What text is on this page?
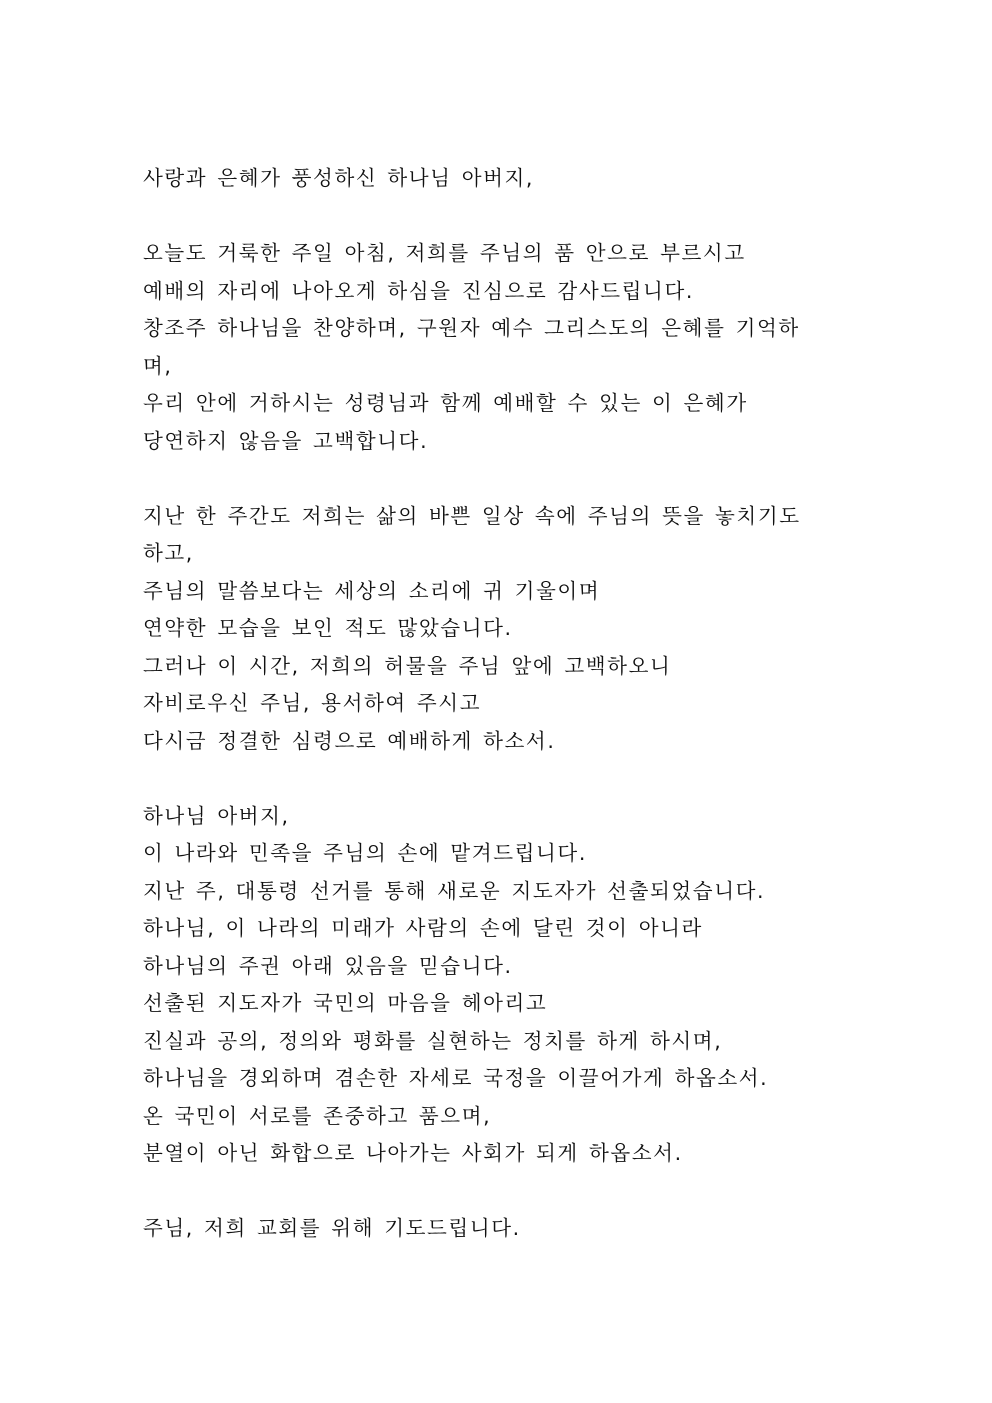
사랑과 은혜가 풍성하신 하나님 아버지,
오늘도 거룩한 주일 아침, 저희를 주님의 품 안으로 부르시고
예배의 자리에 나아오게 하심을 진심으로 감사드립니다.
창조주 하나님을 찬양하며, 구원자 예수 그리스도의 은혜를 기억하
며,
우리 안에 거하시는 성령님과 함께 예배할 수 있는 이 은혜가
당연하지 않음을 고백합니다.
지난 한 주간도 저희는 삶의 바쁜 일상 속에 주님의 뜻을 놓치기도
하고,
주님의 말씀보다는 세상의 소리에 귀 기울이며
연약한 모습을 보인 적도 많았습니다.
그러나 이 시간, 저희의 허물을 주님 앞에 고백하오니
자비로우신 주님, 용서하여 주시고
다시금 정결한 심령으로 예배하게 하소서.
하나님 아버지,
이 나라와 민족을 주님의 손에 맡겨드립니다.
지난 주, 대통령 선거를 통해 새로운 지도자가 선출되었습니다.
하나님, 이 나라의 미래가 사람의 손에 달린 것이 아니라
하나님의 주권 아래 있음을 믿습니다.
선출된 지도자가 국민의 마음을 헤아리고
진실과 공의, 정의와 평화를 실현하는 정치를 하게 하시며,
하나님을 경외하며 겸손한 자세로 국정을 이끌어가게 하옵소서.
온 국민이 서로를 존중하고 품으며,
분열이 아닌 화합으로 나아가는 사회가 되게 하옵소서.
주님, 저희 교회를 위해 기도드립니다.
